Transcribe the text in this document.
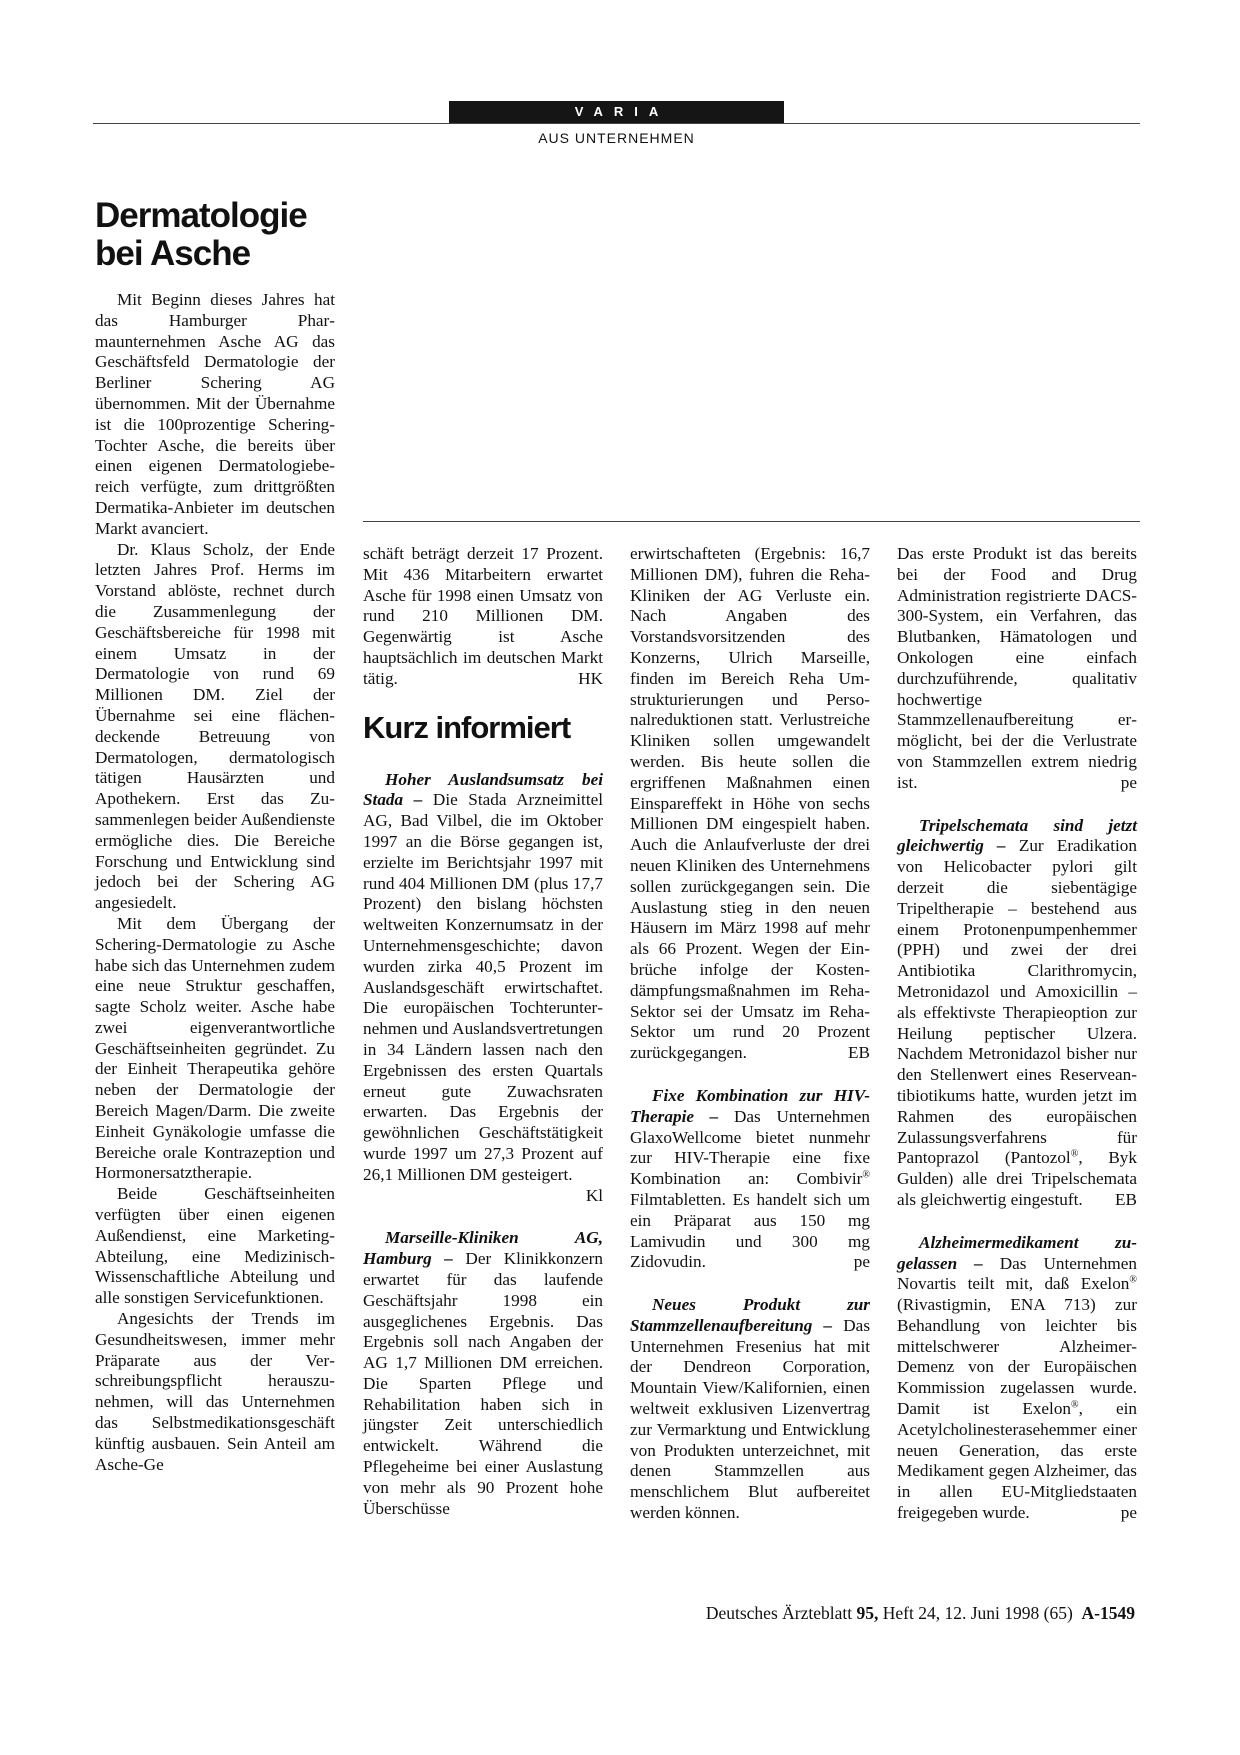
VARIA
AUS UNTERNEHMEN
Dermatologie bei Asche

Mit Beginn dieses Jahres hat das Hamburger Pharmaunternehmen Asche AG das Geschäftsfeld Dermatologie der Berliner Schering AG übernommen. Mit der Übernahme ist die 100prozentige Schering-Tochter Asche, die bereits über einen eigenen Dermatologiebereich verfügte, zum drittgrößten Dermatika-Anbieter im deutschen Markt avanciert.

Dr. Klaus Scholz, der Ende letzten Jahres Prof. Herms im Vorstand ablöste, rechnet durch die Zusammenlegung der Geschäftsbereiche für 1998 mit einem Umsatz in der Dermatologie von rund 69 Millionen DM. Ziel der Übernahme sei eine flächendeckende Betreuung von Dermatologen, dermatologisch tätigen Hausärzten und Apothekern. Erst das Zusammenlegen beider Außendienste ermögliche dies. Die Bereiche Forschung und Entwicklung sind jedoch bei der Schering AG angesiedelt.

Mit dem Übergang der Schering-Dermatologie zu Asche habe sich das Unternehmen zudem eine neue Struktur geschaffen, sagte Scholz weiter. Asche habe zwei eigenverantwortliche Geschäftseinheiten gegründet. Zu der Einheit Therapeutika gehöre neben der Dermatologie der Bereich Magen/Darm. Die zweite Einheit Gynäkologie umfasse die Bereiche orale Kontrazeption und Hormonersatztherapie.

Beide Geschäftseinheiten verfügten über einen eigenen Außendienst, eine Marketing-Abteilung, eine Medizinisch-Wissenschaftliche Abteilung und alle sonstigen Servicefunktionen.

Angesichts der Trends im Gesundheitswesen, immer mehr Präparate aus der Verschreibungspflicht herauszunehmen, will das Unternehmen das Selbstmedikationsgeschäft künftig ausbauen. Sein Anteil am Asche-Ge

schäft beträgt derzeit 17 Prozent. Mit 436 Mitarbeitern erwartet Asche für 1998 einen Umsatz von rund 210 Millionen DM. Gegenwärtig ist Asche hauptsächlich im deutschen Markt tätig.	HK

Kurz informiert

Hoher Auslandsumsatz bei Stada – Die Stada Arzneimittel AG, Bad Vilbel, die im Oktober 1997 an die Börse gegangen ist, erzielte im Berichtsjahr 1997 mit rund 404 Millionen DM (plus 17,7 Prozent) den bislang höchsten weltweiten Konzernumsatz in der Unternehmensgeschichte; davon wurden zirka 40,5 Prozent im Auslandsgeschäft erwirtschaftet. Die europäischen Tochterunternehmen und Auslandsvertretungen in 34 Ländern lassen nach den Ergebnissen des ersten Quartals erneut gute Zuwachsraten erwarten. Das Ergebnis der gewöhnlichen Geschäftstätigkeit wurde 1997 um 27,3 Prozent auf 26,1 Millionen DM gesteigert.
Kl

Marseille-Kliniken AG, Hamburg – Der Klinikkonzern erwartet für das laufende Geschäftsjahr 1998 ein ausgeglichenes Ergebnis. Das Ergebnis soll nach Angaben der AG 1,7 Millionen DM erreichen. Die Sparten Pflege und Rehabilitation haben sich in jüngster Zeit unterschiedlich entwickelt. Während die Pflegeheime bei einer Auslastung von mehr als 90 Prozent hohe Überschüsse

erwirtschafteten (Ergebnis: 16,7 Millionen DM), fuhren die Reha-Kliniken der AG Verluste ein. Nach Angaben des Vorstandsvorsitzenden des Konzerns, Ulrich Marseille, finden im Bereich Reha Umstrukturierungen und Personalreduktionen statt. Verlustreiche Kliniken sollen umgewandelt werden. Bis heute sollen die ergriffenen Maßnahmen einen Einspareffekt in Höhe von sechs Millionen DM eingespielt haben. Auch die Anlaufverluste der drei neuen Kliniken des Unternehmens sollen zurückgegangen sein. Die Auslastung stieg in den neuen Häusern im März 1998 auf mehr als 66 Prozent. Wegen der Einbrüche infolge der Kostendämpfungsmaßnahmen im Reha-Sektor sei der Umsatz im Reha-Sektor um rund 20 Prozent zurückgegangen.	EB

Fixe Kombination zur HIV-Therapie – Das Unternehmen GlaxoWellcome bietet nunmehr zur HIV-Therapie eine fixe Kombination an: Combivir® Filmtabletten. Es handelt sich um ein Präparat aus 150 mg Lamivudin und 300 mg Zidovudin.	pe

Neues Produkt zur Stammzellenaufbereitung – Das Unternehmen Fresenius hat mit der Dendreon Corporation, Mountain View/Kalifornien, einen weltweit exklusiven Lizenvertrag zur Vermarktung und Entwicklung von Produkten unterzeichnet, mit denen Stammzellen aus menschlichem Blut aufbereitet werden können.

Das erste Produkt ist das bereits bei der Food and Drug Administration registrierte DACS-300-System, ein Verfahren, das Blutbanken, Hämatologen und Onkologen eine einfach durchzuführende, qualitativ hochwertige Stammzellenaufbereitung ermöglicht, bei der die Verlustrate von Stammzellen extrem niedrig ist.	pe

Tripelschemata sind jetzt gleichwertig – Zur Eradikation von Helicobacter pylori gilt derzeit die siebentägige Tripeltherapie – bestehend aus einem Protonenpumpenhemmer (PPH) und zwei der drei Antibiotika Clarithromycin, Metronidazol und Amoxicillin – als effektivste Therapieoption zur Heilung peptischer Ulzera. Nachdem Metronidazol bisher nur den Stellenwert eines Reserveantibiotikums hatte, wurden jetzt im Rahmen des europäischen Zulassungsverfahrens für Pantoprazol (Pantozol®, Byk Gulden) alle drei Tripelschemata als gleichwertig eingestuft.	EB

Alzheimermedikament zugelassen – Das Unternehmen Novartis teilt mit, daß Exelon® (Rivastigmin, ENA 713) zur Behandlung von leichter bis mittelschwerer Alzheimer-Demenz von der Europäischen Kommission zugelassen wurde. Damit ist Exelon®, ein Acetylcholinesterasehemmer einer neuen Generation, das erste Medikament gegen Alzheimer, das in allen EU-Mitgliedstaaten freigegeben wurde.	pe

Deutsches Ärzteblatt 95, Heft 24, 12. Juni 1998 (65) A-1549
